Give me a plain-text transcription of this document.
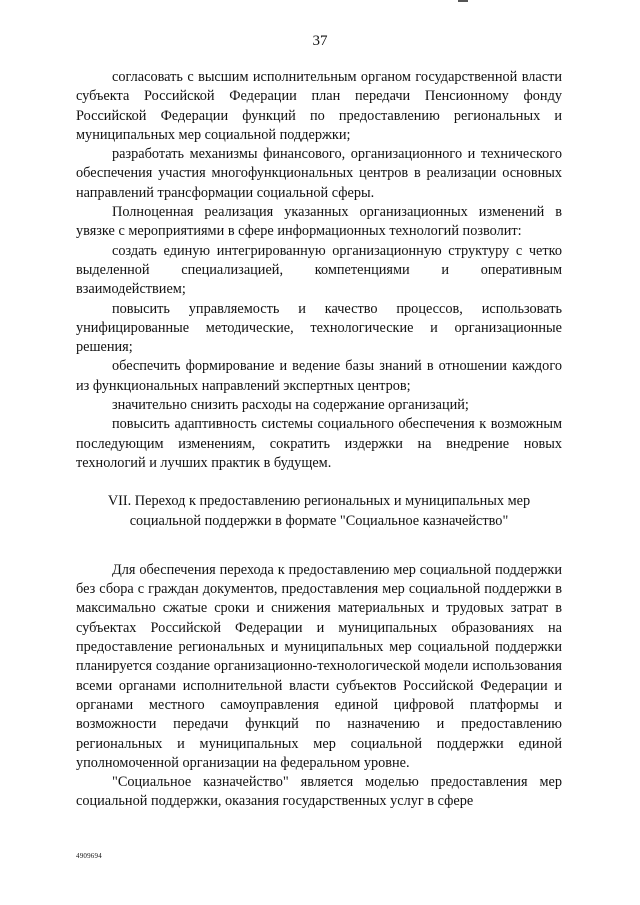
37

согласовать с высшим исполнительным органом государственной власти субъекта Российской Федерации план передачи Пенсионному фонду Российской Федерации функций по предоставлению региональных и муниципальных мер социальной поддержки;

разработать механизмы финансового, организационного и технического обеспечения участия многофункциональных центров в реализации основных направлений трансформации социальной сферы.

Полноценная реализация указанных организационных изменений в увязке с мероприятиями в сфере информационных технологий позволит:

создать единую интегрированную организационную структуру с четко выделенной специализацией, компетенциями и оперативным взаимодействием;

повысить управляемость и качество процессов, использовать унифицированные методические, технологические и организационные решения;

обеспечить формирование и ведение базы знаний в отношении каждого из функциональных направлений экспертных центров;

значительно снизить расходы на содержание организаций;

повысить адаптивность системы социального обеспечения к возможным последующим изменениям, сократить издержки на внедрение новых технологий и лучших практик в будущем.

VII. Переход к предоставлению региональных и муниципальных мер
социальной поддержки в формате "Социальное казначейство"

Для обеспечения перехода к предоставлению мер социальной поддержки без сбора с граждан документов, предоставления мер социальной поддержки в максимально сжатые сроки и снижения материальных и трудовых затрат в субъектах Российской Федерации и муниципальных образованиях на предоставление региональных и муниципальных мер социальной поддержки планируется создание организационно-технологической модели использования всеми органами исполнительной власти субъектов Российской Федерации и органами местного самоуправления единой цифровой платформы и возможности передачи функций по назначению и предоставлению региональных и муниципальных мер социальной поддержки единой уполномоченной организации на федеральном уровне.

"Социальное казначейство" является моделью предоставления мер социальной поддержки, оказания государственных услуг в сфере

4909694
